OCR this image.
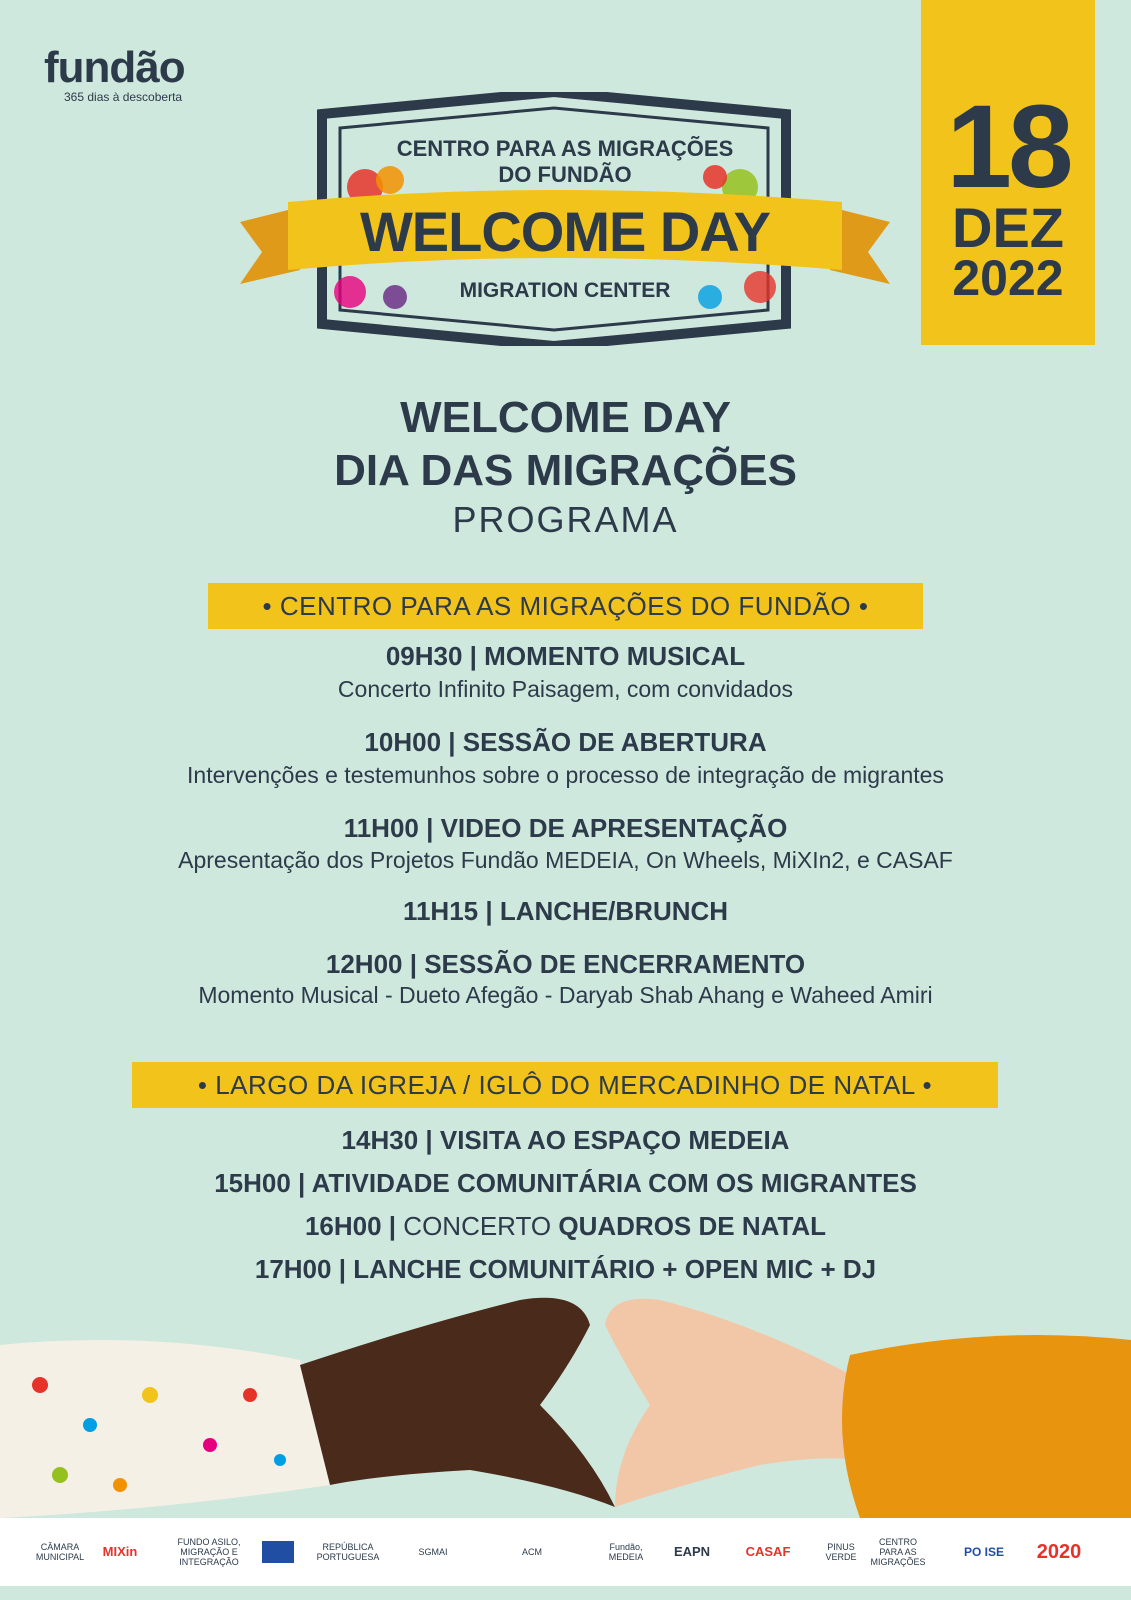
fundão
365 dias à descoberta	18
DEZ
2022
CENTRO PARA AS MIGRAÇÕES
DO FUNDÃO
WELCOME DAY
MIGRATION CENTER
WELCOME DAY
DIA DAS MIGRAÇÕES
PROGRAMA
• CENTRO PARA AS MIGRAÇÕES DO FUNDÃO •
09H30 | MOMENTO MUSICAL
Concerto Infinito Paisagem, com convidados
10H00 | SESSÃO DE ABERTURA
Intervenções e testemunhos sobre o processo de integração de migrantes
11H00 | VIDEO DE APRESENTAÇÃO
Apresentação dos Projetos Fundão MEDEIA, On Wheels, MiXIn2, e CASAF
11H15 | LANCHE/BRUNCH
12H00 | SESSÃO DE ENCERRAMENTO
Momento Musical - Dueto Afegão - Daryab Shab Ahang e Waheed Amiri
• LARGO DA IGREJA / IGLÔ DO MERCADINHO DE NATAL •
14H30 | VISITA AO ESPAÇO MEDEIA
15H00 | ATIVIDADE COMUNITÁRIA COM OS MIGRANTES
16H00 | CONCERTO QUADROS DE NATAL
17H00 | LANCHE COMUNITÁRIO + OPEN MIC + DJ
CÂMARA MUNICIPAL	MIXin
FUNDO ASILO, MIGRAÇÃO E INTEGRAÇÃO
REPÚBLICA PORTUGUESA	SGMAI	ACM	Fundão, MEDEIA	EAPN	CASAF	PINUS VERDE
CENTRO PARA AS MIGRAÇÕES
PO ISE	2020
